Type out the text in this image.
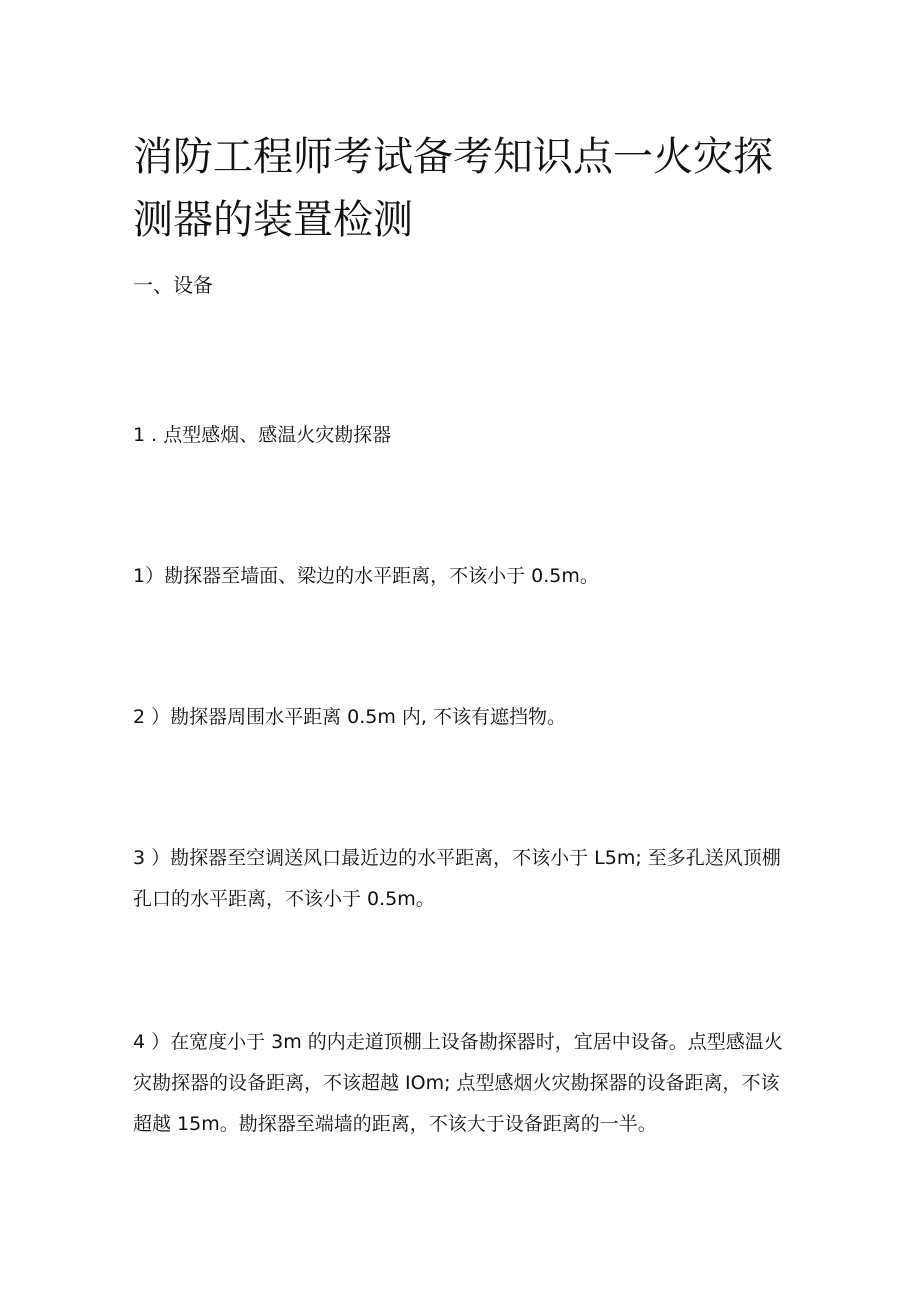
消防工程师考试备考知识点一火灾探测器的装置检测
一、设备

1 . 点型感烟、感温火灾勘探器

1）勘探器至墙面、梁边的水平距离，不该小于 0.5m。

2 ）勘探器周围水平距离 0.5m 内, 不该有遮挡物。

3 ）勘探器至空调送风口最近边的水平距离，不该小于 L5m; 至多孔送风顶棚孔口的水平距离，不该小于 0.5m。

4 ）在宽度小于 3m 的内走道顶棚上设备勘探器时，宜居中设备。点型感温火灾勘探器的设备距离，不该超越 IOm; 点型感烟火灾勘探器的设备距离，不该超越 15m。勘探器至端墙的距离，不该大于设备距离的一半。
